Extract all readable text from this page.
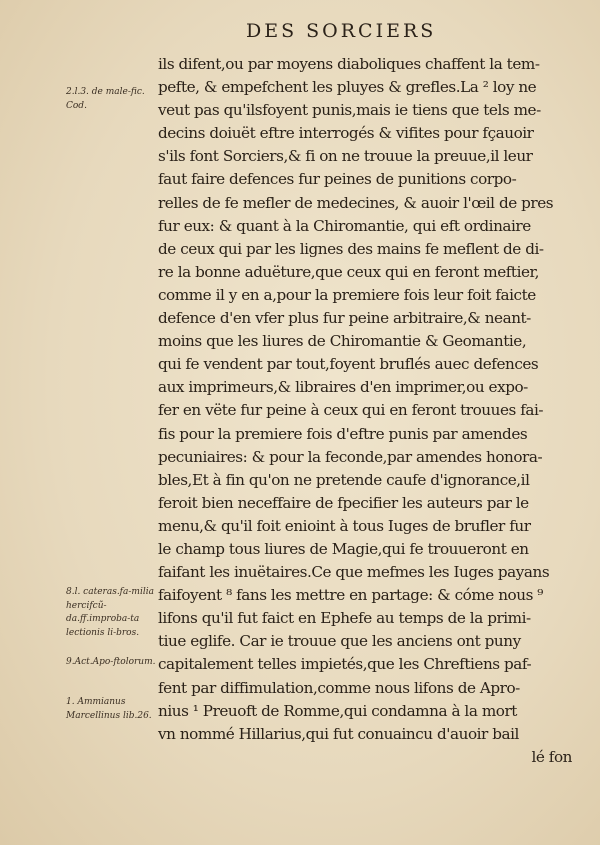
DES SORCIERS
2.l.3. de male-fic. Cod.
8.l. cateras.fa-milia hercifcũ-da.ff.improba-ta lectionis li-bros.
9.Act.Apo-ftolorum.
1. Ammianus Marcellinus lib.26.
ils difent,ou par moyens diaboliques chaffent la tem-
pefte, & empefchent les pluyes & grefles.La ² loy ne
veut pas qu'ilsfoyent punis,mais ie tiens que tels me-
decins doiuët eftre interrogés & vifites pour fçauoir
s'ils font Sorciers,& fi on ne trouue la preuue,il leur
faut faire defences fur peines de punitions corpo-
relles de fe mefler de medecines, & auoir l'œil de pres
fur eux: & quant à la Chiromantie, qui eft ordinaire
de ceux qui par les lignes des mains fe meflent de di-
re la bonne aduëture,que ceux qui en feront meftier,
comme il y en a,pour la premiere fois leur foit faicte
defence d'en vfer plus fur peine arbitraire,& neant-
moins que les liures de Chiromantie & Geomantie,
qui fe vendent par tout,foyent bruflés auec defences
aux imprimeurs,& libraires d'en imprimer,ou expo-
fer en vëte fur peine à ceux qui en feront trouues fai-
fis pour la premiere fois d'eftre punis par amendes
pecuniaires: & pour la feconde,par amendes honora-
bles,Et à fin qu'on ne pretende caufe d'ignorance,il
feroit bien neceffaire de fpecifier les auteurs par le
menu,& qu'il foit enioint à tous Iuges de brufler fur
le champ tous liures de Magie,qui fe trouueront en
faifant les inuëtaires.Ce que mefmes les Iuges payans
faifoyent ⁸ fans les mettre en partage: & cóme nous ⁹
lifons qu'il fut faict en Ephefe au temps de la primi-
tiue eglife. Car ie trouue que les anciens ont puny
capitalement telles impietés,que les Chreftiens paf-
fent par diffimulation,comme nous lifons de Apro-
nius ¹ Preuoft de Romme,qui condamna à la mort
vn nommé Hillarius,qui fut conuaincu d'auoir bail
lé fon
